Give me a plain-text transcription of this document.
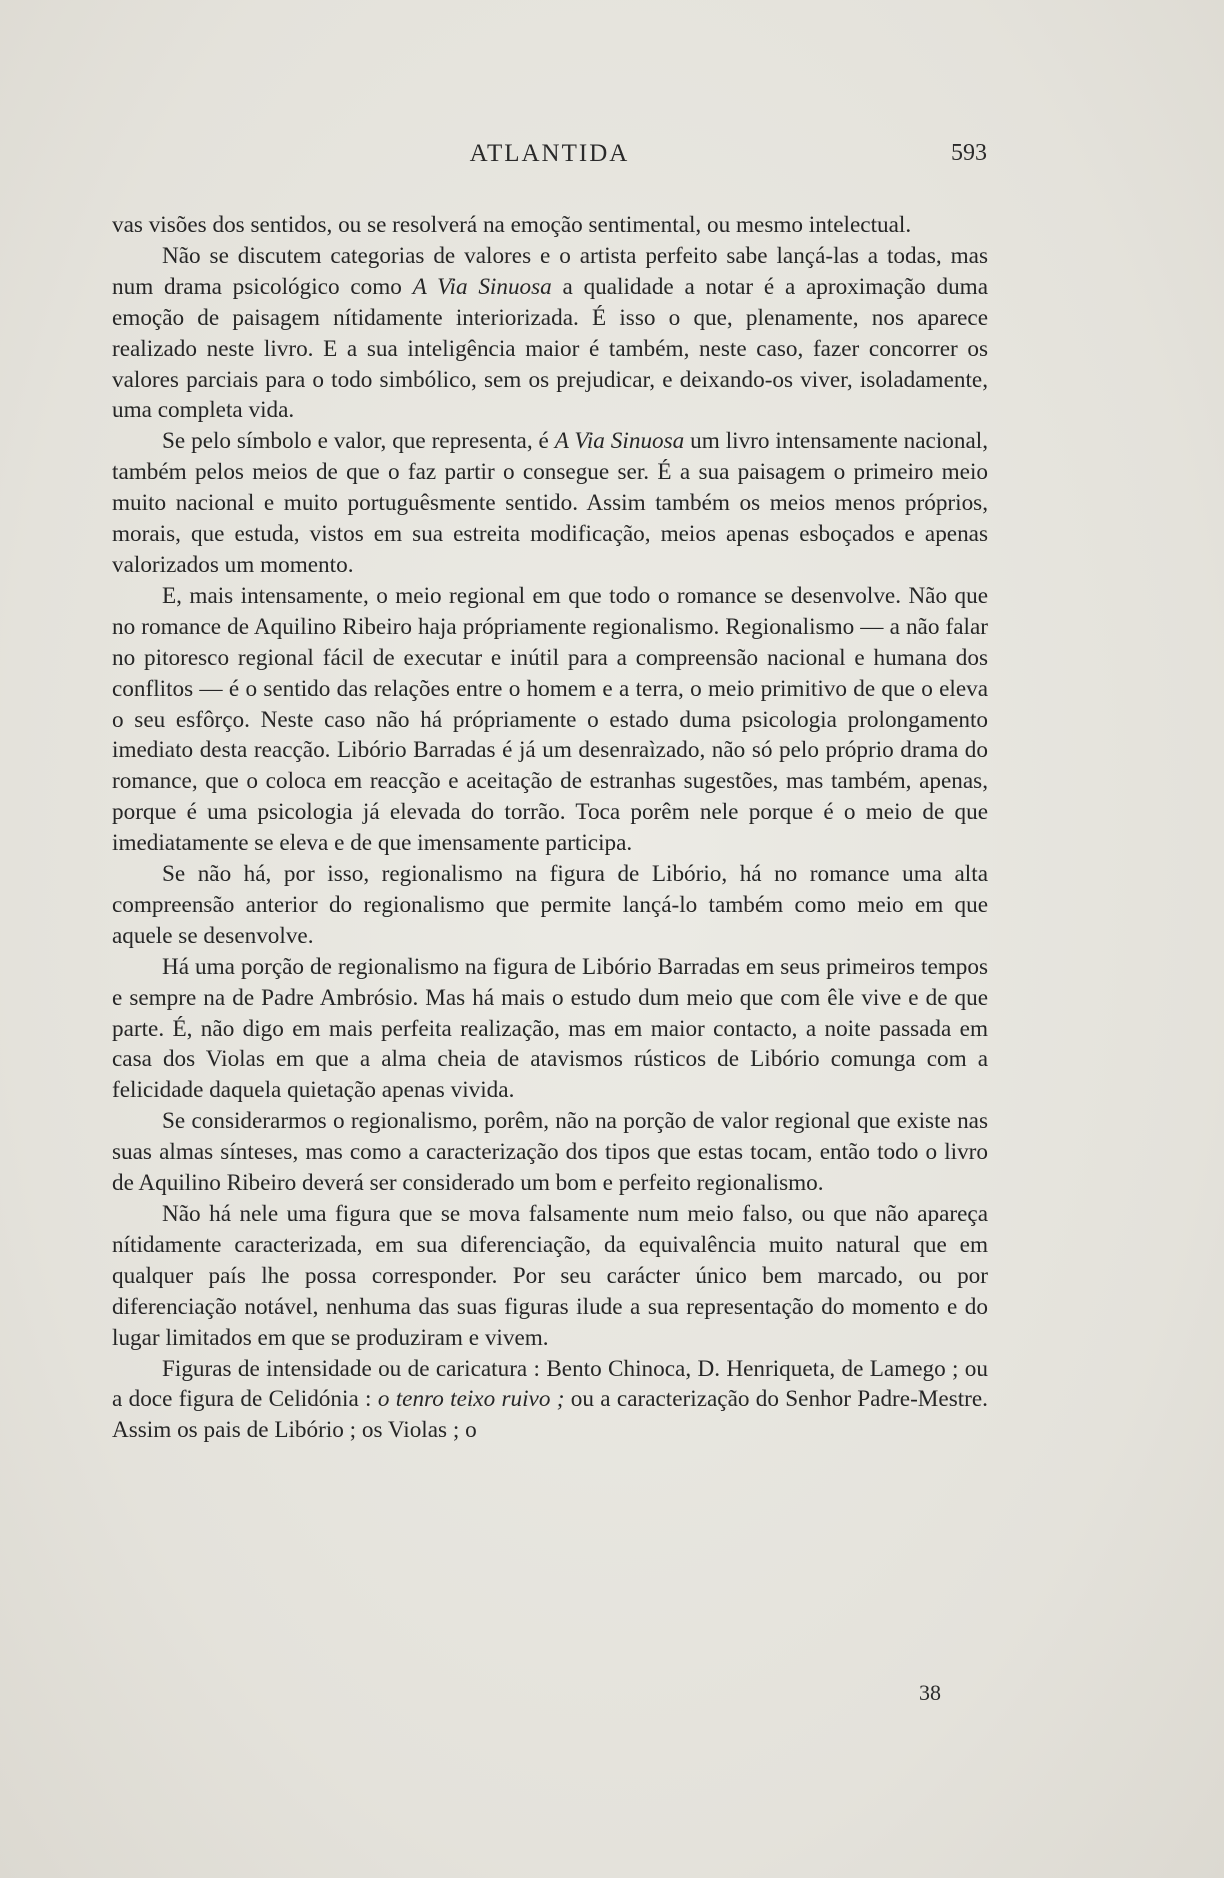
ATLANTIDA	593

vas visões dos sentidos, ou se resolverá na emoção sentimental, ou mesmo intelectual.

Não se discutem categorias de valores e o artista perfeito sabe lançá-las a todas, mas num drama psicológico como A Via Sinuosa a qualidade a notar é a aproximação duma emoção de paisagem nítidamente interiorizada. É isso o que, plenamente, nos aparece realizado neste livro. E a sua inteligência maior é também, neste caso, fazer concorrer os valores parciais para o todo simbólico, sem os prejudicar, e deixando-os viver, isoladamente, uma completa vida.

Se pelo símbolo e valor, que representa, é A Via Sinuosa um livro intensamente nacional, também pelos meios de que o faz partir o consegue ser. É a sua paisagem o primeiro meio muito nacional e muito portuguêsmente sentido. Assim também os meios menos próprios, morais, que estuda, vistos em sua estreita modificação, meios apenas esboçados e apenas valorizados um momento.

E, mais intensamente, o meio regional em que todo o romance se desenvolve. Não que no romance de Aquilino Ribeiro haja própriamente regionalismo. Regionalismo — a não falar no pitoresco regional fácil de executar e inútil para a compreensão nacional e humana dos conflitos — é o sentido das relações entre o homem e a terra, o meio primitivo de que o eleva o seu esfôrço. Neste caso não há própriamente o estado duma psicologia prolongamento imediato desta reacção. Libório Barradas é já um desenraìzado, não só pelo próprio drama do romance, que o coloca em reacção e aceitação de estranhas sugestões, mas também, apenas, porque é uma psicologia já elevada do torrão. Toca porêm nele porque é o meio de que imediatamente se eleva e de que imensamente participa.

Se não há, por isso, regionalismo na figura de Libório, há no romance uma alta compreensão anterior do regionalismo que permite lançá-lo também como meio em que aquele se desenvolve.

Há uma porção de regionalismo na figura de Libório Barradas em seus primeiros tempos e sempre na de Padre Ambrósio. Mas há mais o estudo dum meio que com êle vive e de que parte. É, não digo em mais perfeita realização, mas em maior contacto, a noite passada em casa dos Violas em que a alma cheia de atavismos rústicos de Libório comunga com a felicidade daquela quietação apenas vivida.

Se considerarmos o regionalismo, porêm, não na porção de valor regional que existe nas suas almas sínteses, mas como a caracterização dos tipos que estas tocam, então todo o livro de Aquilino Ribeiro deverá ser considerado um bom e perfeito regionalismo.

Não há nele uma figura que se mova falsamente num meio falso, ou que não apareça nítidamente caracterizada, em sua diferenciação, da equivalência muito natural que em qualquer país lhe possa corresponder. Por seu carácter único bem marcado, ou por diferenciação notável, nenhuma das suas figuras ilude a sua representação do momento e do lugar limitados em que se produziram e vivem.

Figuras de intensidade ou de caricatura : Bento Chinoca, D. Henriqueta, de Lamego ; ou a doce figura de Celidónia : o tenro teixo ruivo ; ou a caracterização do Senhor Padre-Mestre. Assim os pais de Libório ; os Violas ; o

38
